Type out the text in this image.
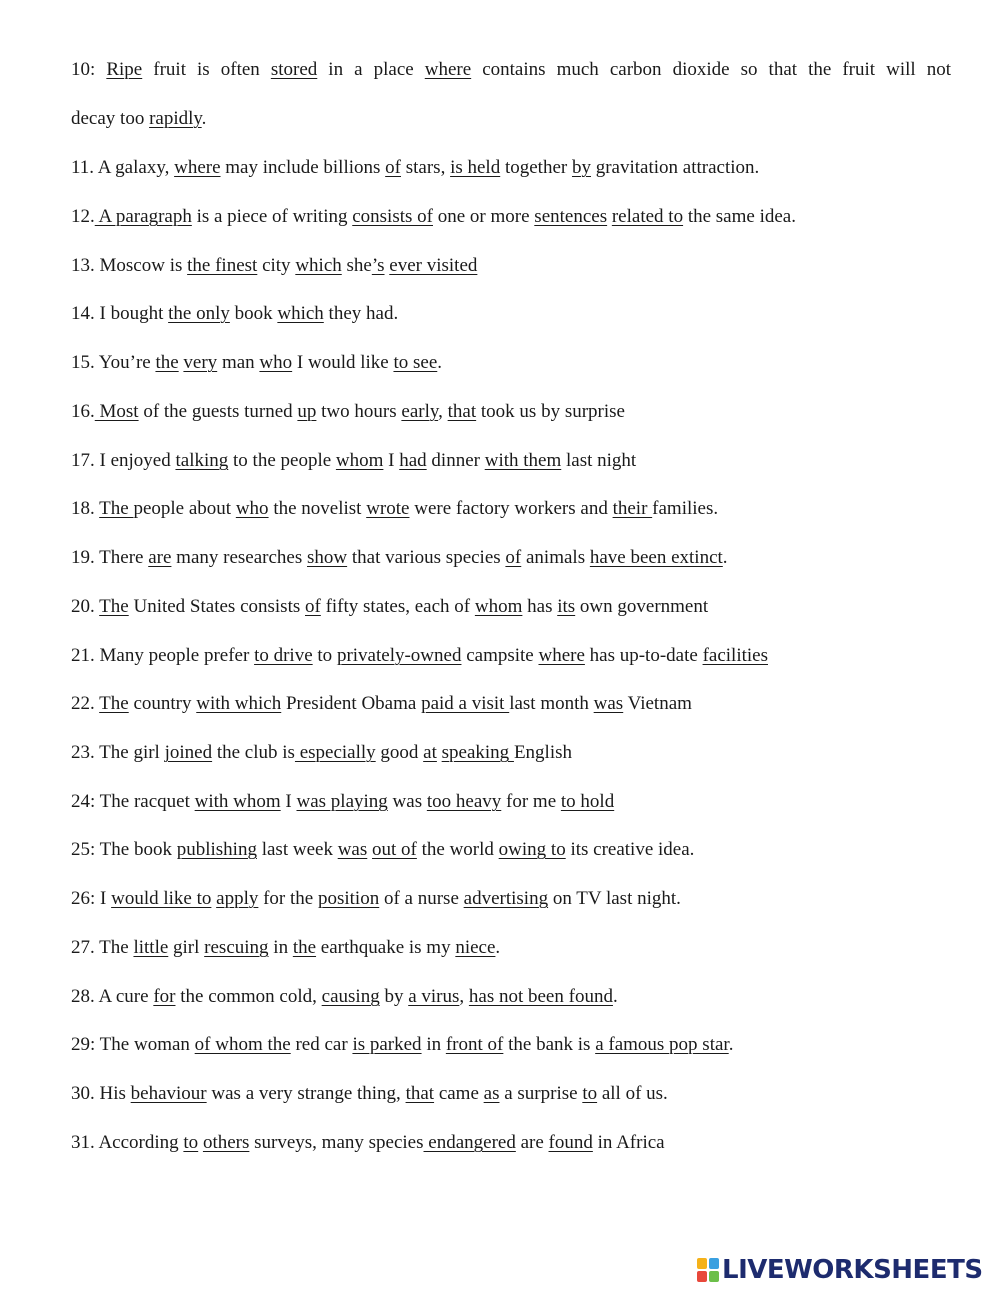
10: Ripe fruit is often stored in a place where contains much carbon dioxide so that the fruit will not
decay too rapidly.
11. A galaxy, where may include billions of stars, is held together by gravitation attraction.
12. A paragraph is a piece of writing consists of one or more sentences related to the same idea.
13. Moscow is the finest city which she’s ever visited
14. I bought the only book which they had.
15. You’re the very man who I would like to see.
16. Most of the guests turned up two hours early, that took us by surprise
17. I enjoyed talking to the people whom I had dinner with them last night
18. The people about who the novelist wrote were factory workers and their families.
19. There are many researches show that various species of animals have been extinct.
20. The United States consists of fifty states, each of whom has its own government
21. Many people prefer to drive to privately-owned campsite where has up-to-date facilities
22. The country with which President Obama paid a visit last month was Vietnam
23. The girl joined the club is especially good at speaking English
24: The racquet with whom I was playing was too heavy for me to hold
25: The book publishing last week was out of the world owing to its creative idea.
26: I would like to apply for the position of a nurse advertising on TV last night.
27. The little girl rescuing in the earthquake is my niece.
28. A cure for the common cold, causing by a virus, has not been found.
29: The woman of whom the red car is parked in front of the bank is a famous pop star.
30. His behaviour was a very strange thing, that came as a surprise to all of us.
31. According to others surveys, many species endangered are found in Africa
LIVEWORKSHEETS
